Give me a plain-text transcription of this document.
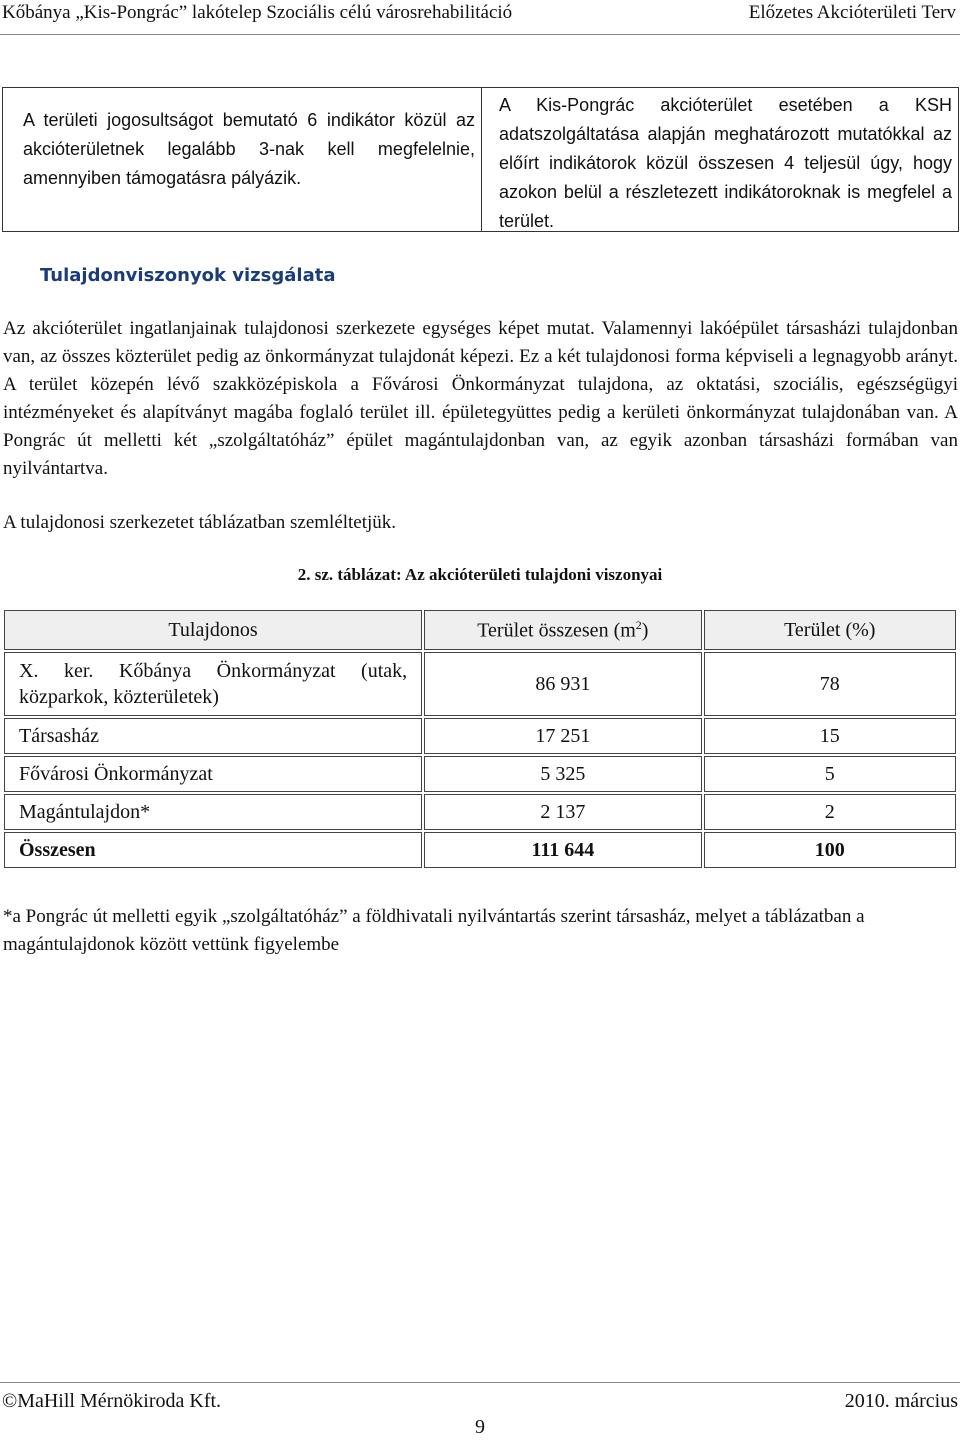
Kőbánya „Kis-Pongrác” lakótelep Szociális célú városrehabilitáció	Előzetes Akcióterületi Terv
A területi jogosultságot bemutató 6 indikátor közül az akcióterületnek legalább 3-nak kell megfelelnie, amennyiben támogatásra pályázik.
A Kis-Pongrác akcióterület esetében a KSH adatszolgáltatása alapján meghatározott mutatókkal az előírt indikátorok közül összesen 4 teljesül úgy, hogy azokon belül a részletezett indikátoroknak is megfelel a terület.
Tulajdonviszonyok vizsgálata

Az akcióterület ingatlanjainak tulajdonosi szerkezete egységes képet mutat. Valamennyi lakóépület társasházi tulajdonban van, az összes közterület pedig az önkormányzat tulajdonát képezi. Ez a két tulajdonosi forma képviseli a legnagyobb arányt. A terület közepén lévő szakközépiskola a Fővárosi Önkormányzat tulajdona, az oktatási, szociális, egészségügyi intézményeket és alapítványt magába foglaló terület ill. épületegyüttes pedig a kerületi önkormányzat tulajdonában van. A Pongrác út melletti két „szolgáltatóház” épület magántulajdonban van, az egyik azonban társasházi formában van nyilvántartva.

A tulajdonosi szerkezetet táblázatban szemléltetjük.

2. sz. táblázat: Az akcióterületi tulajdoni viszonyai
Tulajdonos	Terület összesen $(m^2)$	Terület (%)
X. ker. Kőbánya Önkormányzat (utak, közparkok, közterületek)	86 931	78
Társasház	17 251	15
Fővárosi Önkormányzat	5 325	5
Magántulajdon*	2 137	2
Összesen	111 644	100

*a Pongrác út melletti egyik „szolgáltatóház” a földhivatali nyilvántartás szerint társasház, melyet a táblázatban a magántulajdonok között vettünk figyelembe

©MaHill Mérnökiroda Kft.	2010. március
9
